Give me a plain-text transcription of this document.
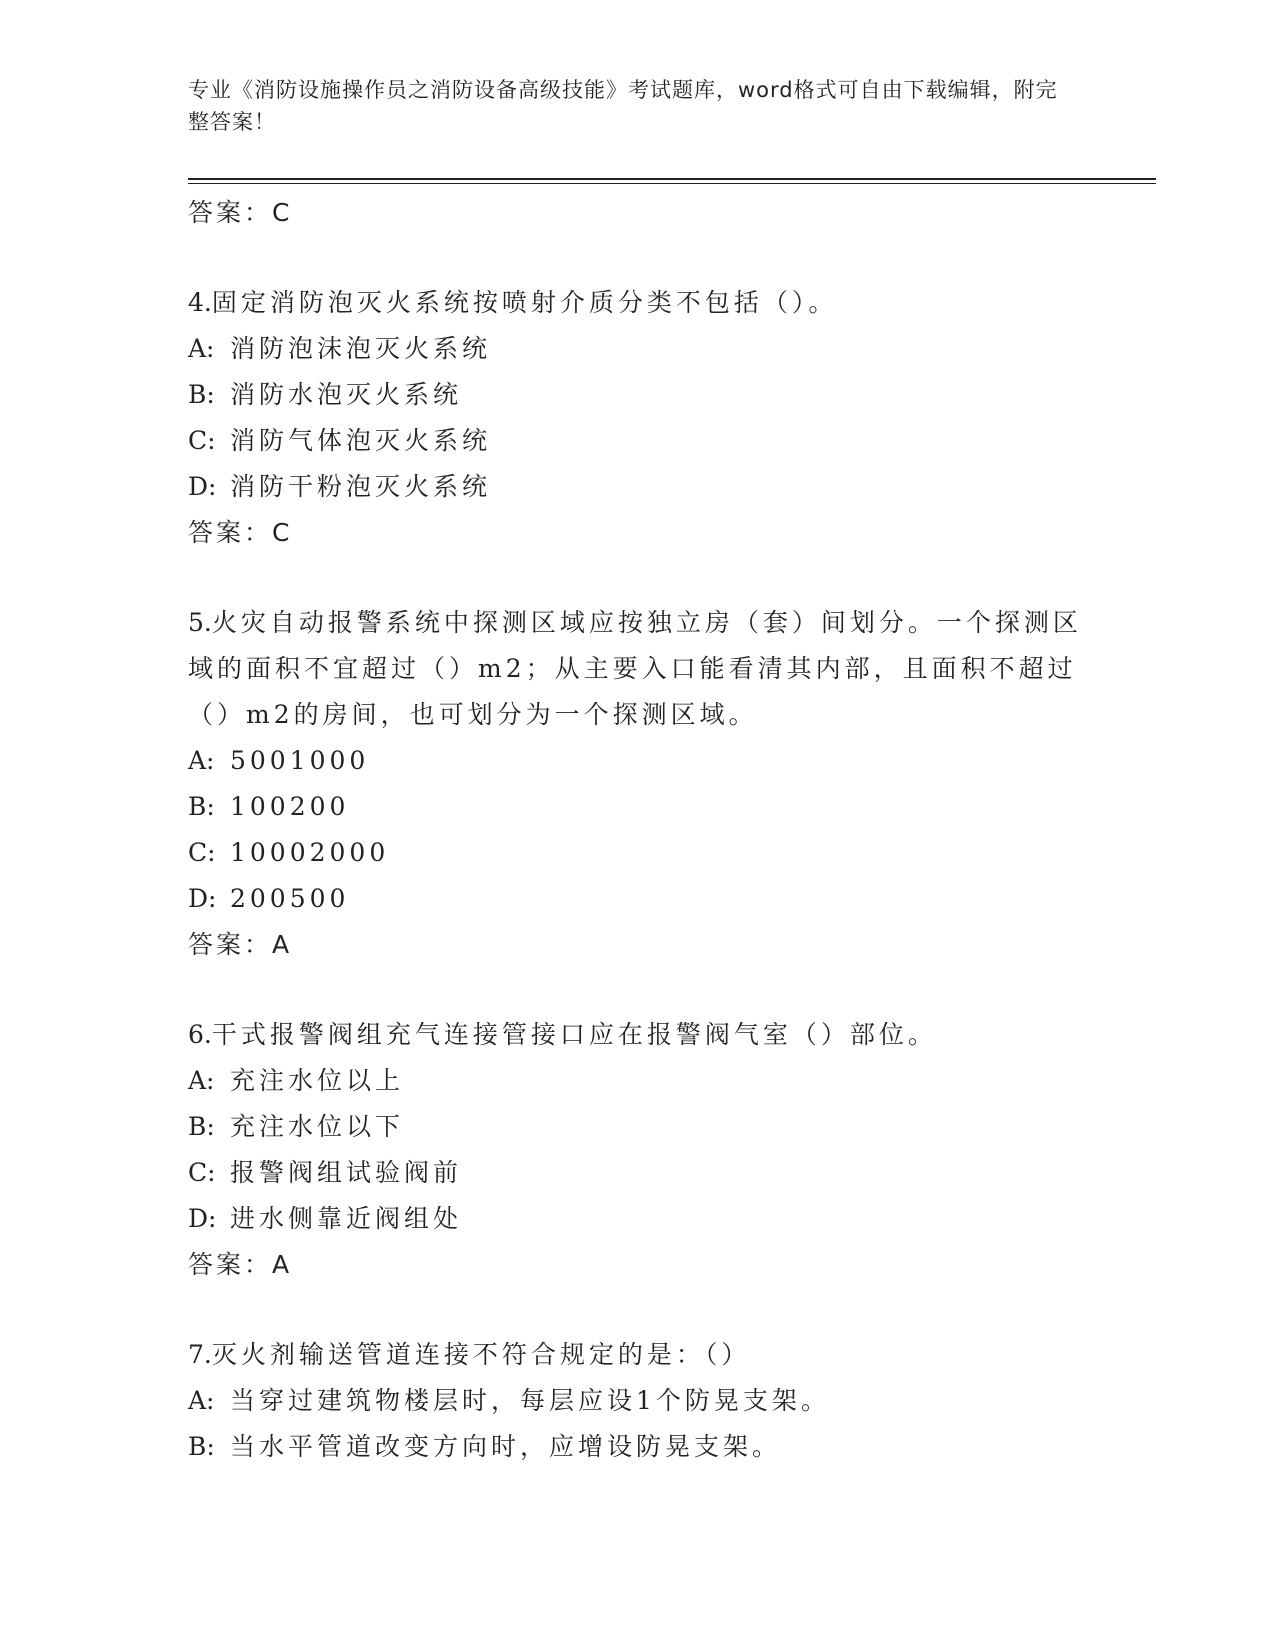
专业《消防设施操作员之消防设备高级技能》考试题库，word格式可自由下载编辑，附完整答案！
答案：C
4.固定消防泡灭火系统按喷射介质分类不包括（）。
A: 消防泡沫泡灭火系统
B: 消防水泡灭火系统
C: 消防气体泡灭火系统
D: 消防干粉泡灭火系统
答案：C
5.火灾自动报警系统中探测区域应按独立房（套）间划分。一个探测区域的面积不宜超过（）m2；从主要入口能看清其内部，且面积不超过（）m2的房间，也可划分为一个探测区域。
A: 5001000
B: 100200
C: 10002000
D: 200500
答案：A
6.干式报警阀组充气连接管接口应在报警阀气室（）部位。
A: 充注水位以上
B: 充注水位以下
C: 报警阀组试验阀前
D: 进水侧靠近阀组处
答案：A
7.灭火剂输送管道连接不符合规定的是：（）
A: 当穿过建筑物楼层时，每层应设1个防晃支架。
B: 当水平管道改变方向时，应增设防晃支架。
